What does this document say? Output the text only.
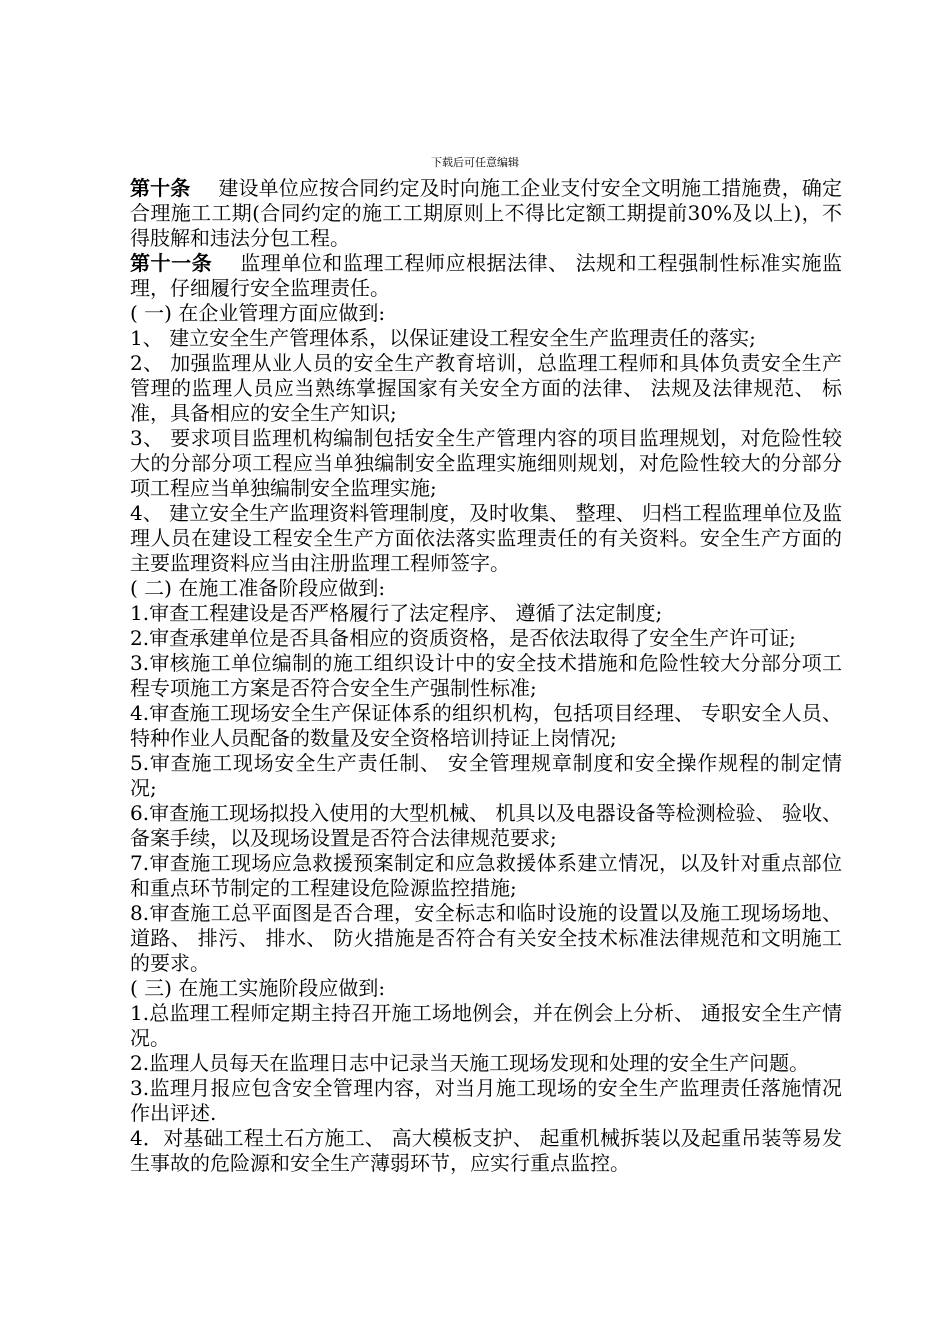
下载后可任意编辑

第十条 建设单位应按合同约定及时向施工企业支付安全文明施工措施费，确定合理施工工期(合同约定的施工工期原则上不得比定额工期提前30%及以上)，不得肢解和违法分包工程。

第十一条 监理单位和监理工程师应根据法律、 法规和工程强制性标准实施监理，仔细履行安全监理责任。

( 一) 在企业管理方面应做到:

1、 建立安全生产管理体系，以保证建设工程安全生产监理责任的落实;

2、 加强监理从业人员的安全生产教育培训，总监理工程师和具体负责安全生产管理的监理人员应当熟练掌握国家有关安全方面的法律、 法规及法律规范、 标准，具备相应的安全生产知识;

3、 要求项目监理机构编制包括安全生产管理内容的项目监理规划，对危险性较大的分部分项工程应当单独编制安全监理实施细则规划，对危险性较大的分部分项工程应当单独编制安全监理实施;

4、 建立安全生产监理资料管理制度，及时收集、 整理、 归档工程监理单位及监理人员在建设工程安全生产方面依法落实监理责任的有关资料。安全生产方面的主要监理资料应当由注册监理工程师签字。

( 二) 在施工准备阶段应做到:

1.审查工程建设是否严格履行了法定程序、 遵循了法定制度;

2.审查承建单位是否具备相应的资质资格，是否依法取得了安全生产许可证;

3.审核施工单位编制的施工组织设计中的安全技术措施和危险性较大分部分项工程专项施工方案是否符合安全生产强制性标准;

4.审查施工现场安全生产保证体系的组织机构，包括项目经理、 专职安全人员、 特种作业人员配备的数量及安全资格培训持证上岗情况;

5.审查施工现场安全生产责任制、 安全管理规章制度和安全操作规程的制定情况;

6.审查施工现场拟投入使用的大型机械、 机具以及电器设备等检测检验、 验收、 备案手续，以及现场设置是否符合法律规范要求;

7.审查施工现场应急救援预案制定和应急救援体系建立情况，以及针对重点部位和重点环节制定的工程建设危险源监控措施;

8.审查施工总平面图是否合理，安全标志和临时设施的设置以及施工现场场地、 道路、 排污、 排水、 防火措施是否符合有关安全技术标准法律规范和文明施工的要求。

( 三) 在施工实施阶段应做到:

1.总监理工程师定期主持召开施工场地例会，并在例会上分析、 通报安全生产情况。

2.监理人员每天在监理日志中记录当天施工现场发现和处理的安全生产问题。

3.监理月报应包含安全管理内容，对当月施工现场的安全生产监理责任落施情况作出评述.

4．对基础工程土石方施工、 高大模板支护、 起重机械拆装以及起重吊装等易发生事故的危险源和安全生产薄弱环节，应实行重点监控。
